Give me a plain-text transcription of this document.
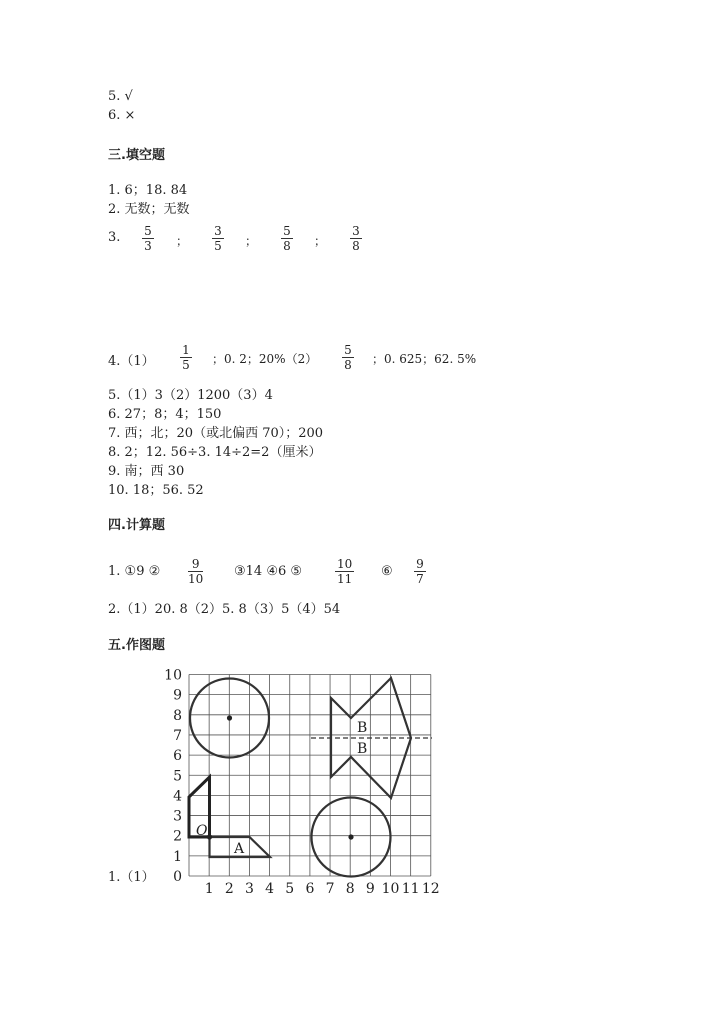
5. √
6. ×
三.填空题
1. 6；18. 84
2. 无数；无数
3. 5
3 ；
3
5 ；
5
8 ；
3
8
4.（1）
1
5 ；0. 2；20%（2）
5
8 ；0. 625；62. 5%
5.（1）3（2）1200（3）4
6. 27；8；4；150
7. 西；北；20（或北偏西 70）；200
8. 2；12. 56÷3. 14÷2=2（厘米）
9. 南；西 30
10. 18；56. 52
四.计算题
1. ①9 ②	9
10 ③14 ④6 ⑤	10
11 ⑥ 9
7
2.（1）20. 8（2）5. 8（3）5（4）54
五.作图题
1.（1）
1 2 3 4 5 6 7 8 9 10 11 12
0
1
2
3
4
5
6
7
8
9
10
B
B
A
O
